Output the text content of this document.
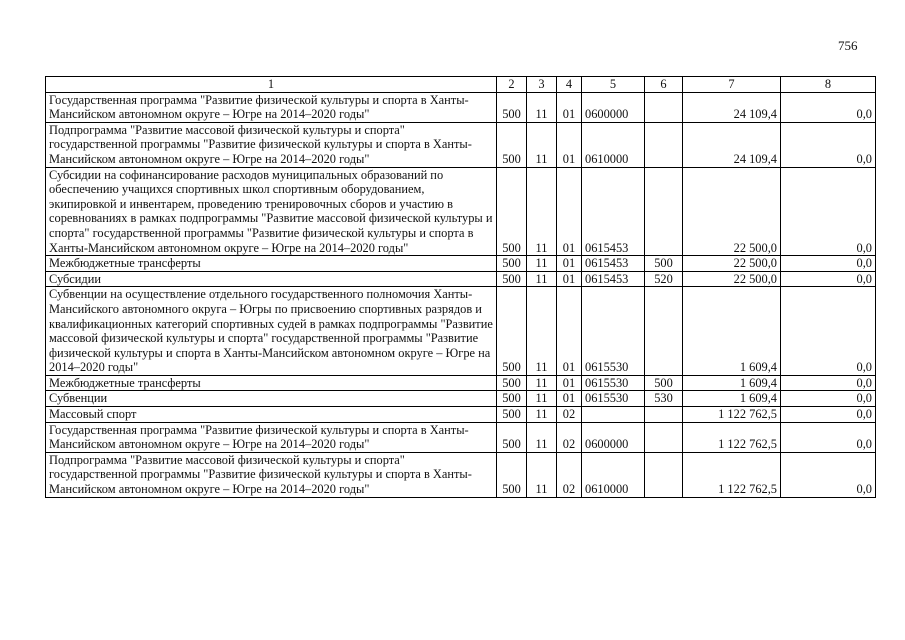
756
1	2	3	4	5	6	7	8
Государственная программа "Развитие физической культуры и спорта в Ханты-Мансийском автономном округе – Югре на 2014–2020 годы"	500	11	01	0600000		24 109,4	0,0
Подпрограмма "Развитие массовой физической культуры и спорта" государственной программы "Развитие физической культуры и спорта в Ханты-Мансийском автономном округе – Югре на 2014–2020 годы"	500	11	01	0610000		24 109,4	0,0
Субсидии на софинансирование расходов муниципальных образований по обеспечению учащихся спортивных школ спортивным оборудованием, экипировкой и инвентарем, проведению тренировочных сборов и участию в соревнованиях в рамках подпрограммы "Развитие массовой физической культуры и спорта" государственной программы "Развитие физической культуры и спорта в Ханты-Мансийском автономном округе – Югре на 2014–2020 годы"	500	11	01	0615453		22 500,0	0,0
Межбюджетные трансферты	500	11	01	0615453	500	22 500,0	0,0
Субсидии	500	11	01	0615453	520	22 500,0	0,0
Субвенции на осуществление отдельного государственного полномочия Ханты-Мансийского автономного округа – Югры по присвоению спортивных разрядов и квалификационных категорий спортивных судей в рамках подпрограммы "Развитие массовой физической культуры и спорта" государственной программы "Развитие физической культуры и спорта в Ханты-Мансийском автономном округе – Югре на 2014–2020 годы"	500	11	01	0615530		1 609,4	0,0
Межбюджетные трансферты	500	11	01	0615530	500	1 609,4	0,0
Субвенции	500	11	01	0615530	530	1 609,4	0,0
Массовый спорт	500	11	02			1 122 762,5	0,0
Государственная программа "Развитие физической культуры и спорта в Ханты-Мансийском автономном округе – Югре на 2014–2020 годы"	500	11	02	0600000		1 122 762,5	0,0
Подпрограмма "Развитие массовой физической культуры и спорта" государственной программы "Развитие физической культуры и спорта в Ханты-Мансийском автономном округе – Югре на 2014–2020 годы"	500	11	02	0610000		1 122 762,5	0,0
